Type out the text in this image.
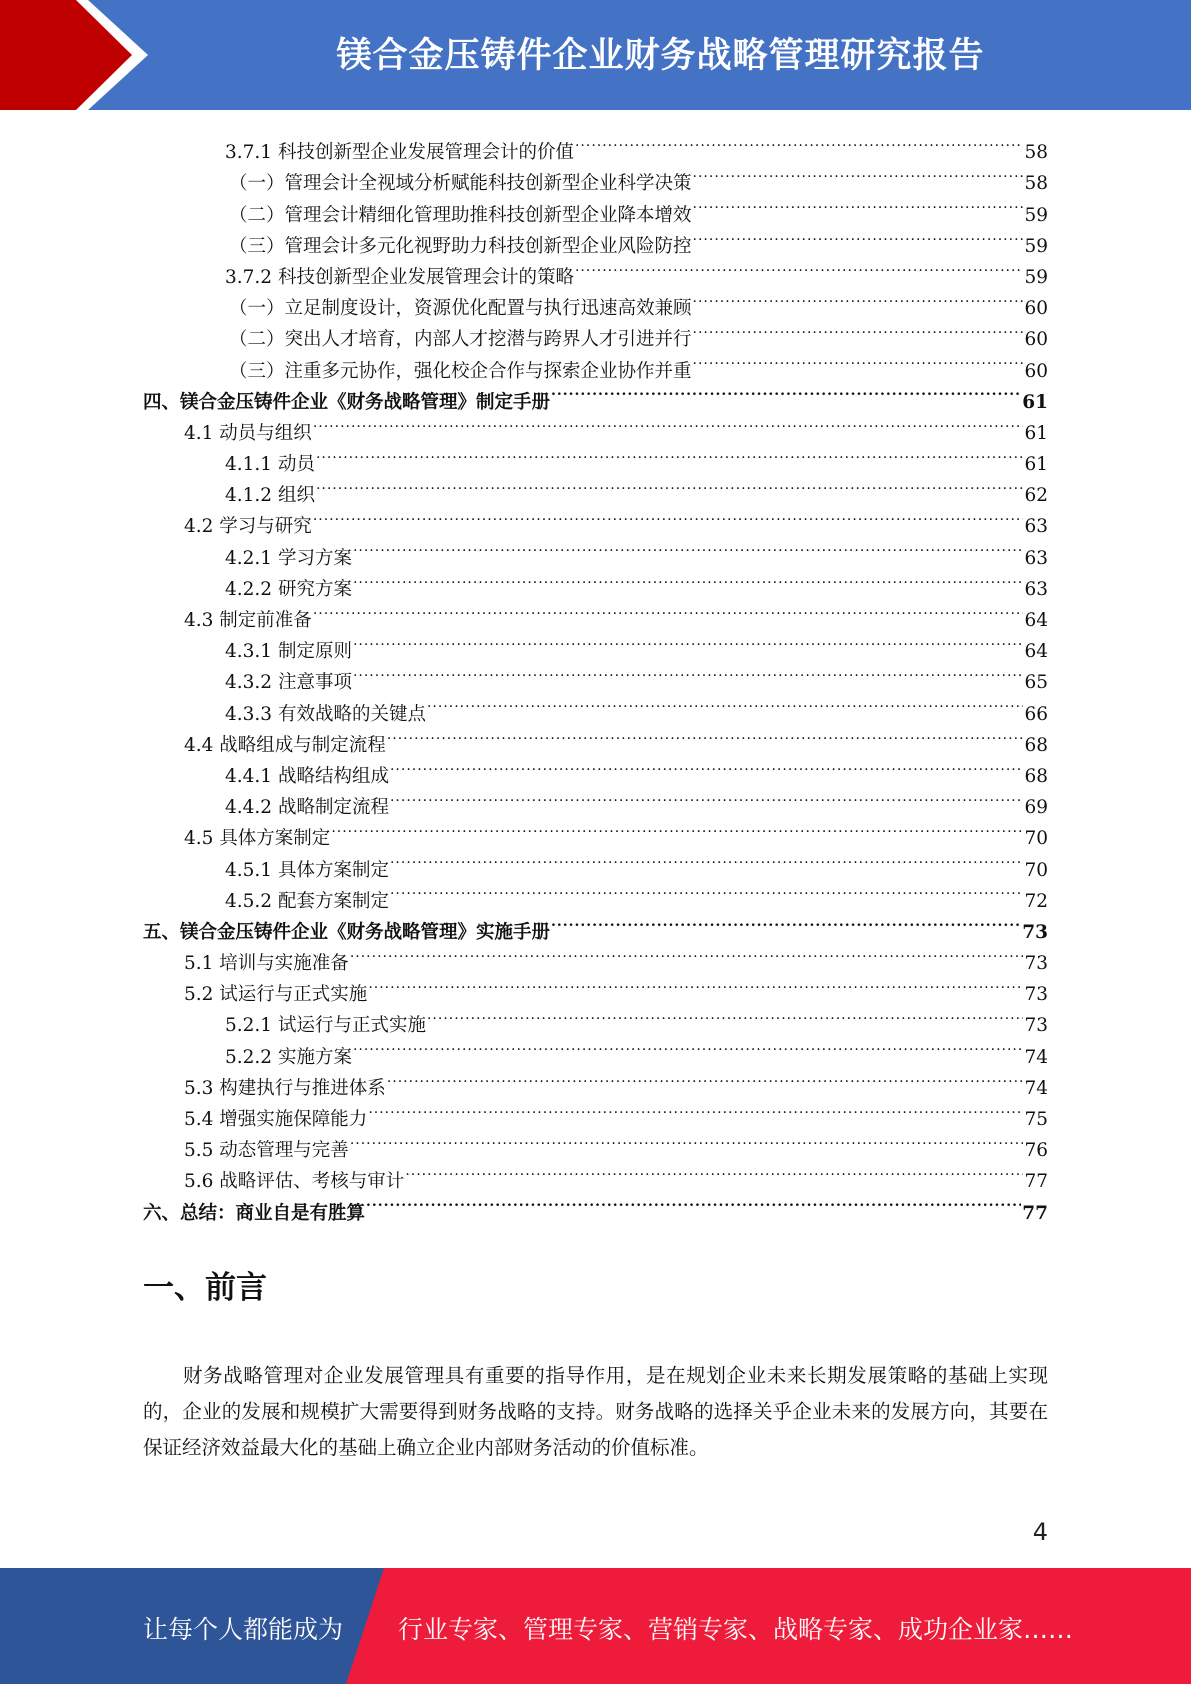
镁合金压铸件企业财务战略管理研究报告
3.7.1 科技创新型企业发展管理会计的价值 .....	58
（一）管理会计全视域分析赋能科技创新型企业科学决策 .....	58
（二）管理会计精细化管理助推科技创新型企业降本增效 .....	59
（三）管理会计多元化视野助力科技创新型企业风险防控 .....	59
3.7.2 科技创新型企业发展管理会计的策略 .....	59
（一）立足制度设计，资源优化配置与执行迅速高效兼顾 .....	60
（二）突出人才培育，内部人才挖潜与跨界人才引进并行 .....	60
（三）注重多元协作，强化校企合作与探索企业协作并重 .....	60
四、镁合金压铸件企业《财务战略管理》制定手册 .....	61
4.1 动员与组织 .....	61
4.1.1 动员 .....	61
4.1.2 组织 .....	62
4.2 学习与研究 .....	63
4.2.1 学习方案 .....	63
4.2.2 研究方案 .....	63
4.3 制定前准备 .....	64
4.3.1 制定原则 .....	64
4.3.2 注意事项 .....	65
4.3.3 有效战略的关键点 .....	66
4.4 战略组成与制定流程 .....	68
4.4.1 战略结构组成 .....	68
4.4.2 战略制定流程 .....	69
4.5 具体方案制定 .....	70
4.5.1 具体方案制定 .....	70
4.5.2 配套方案制定 .....	72
五、镁合金压铸件企业《财务战略管理》实施手册 .....	73
5.1 培训与实施准备 .....	73
5.2 试运行与正式实施 .....	73
5.2.1 试运行与正式实施 .....	73
5.2.2 实施方案 .....	74
5.3 构建执行与推进体系 .....	74
5.4 增强实施保障能力 .....	75
5.5 动态管理与完善 .....	76
5.6 战略评估、考核与审计 .....	77
六、总结：商业自是有胜算 .....	77
一、前言
财务战略管理对企业发展管理具有重要的指导作用，是在规划企业未来长期发展策略的基础上实现的，企业的发展和规模扩大需要得到财务战略的支持。财务战略的选择关乎企业未来的发展方向，其要在保证经济效益最大化的基础上确立企业内部财务活动的价值标准。
4
让每个人都能成为 行业专家、管理专家、营销专家、战略专家、成功企业家……
